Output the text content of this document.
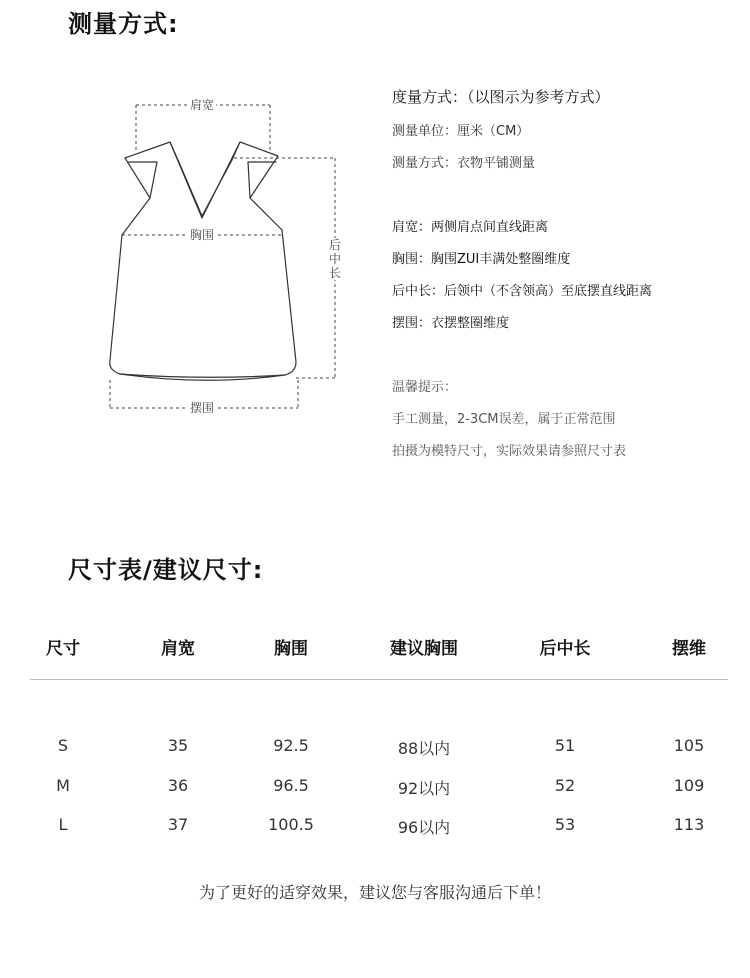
测量方式:
肩宽
胸围
后中长
摆围
度量方式：（以图示为参考方式）
测量单位：厘米（CM）
测量方式：衣物平铺测量
肩宽：两侧肩点间直线距离
胸围：胸围ZUI丰满处整圈维度
后中长：后领中（不含领高）至底摆直线距离
摆围：衣摆整圈维度
温馨提示：
手工测量，2-3CM误差，属于正常范围
拍摄为模特尺寸，实际效果请参照尺寸表
尺寸表/建议尺寸:
尺寸	肩宽	胸围	建议胸围	后中长	摆维
S	35	92.5	88以内	51	105
M	36	96.5	92以内	52	109
L	37	100.5	96以内	53	113
为了更好的适穿效果，建议您与客服沟通后下单！
